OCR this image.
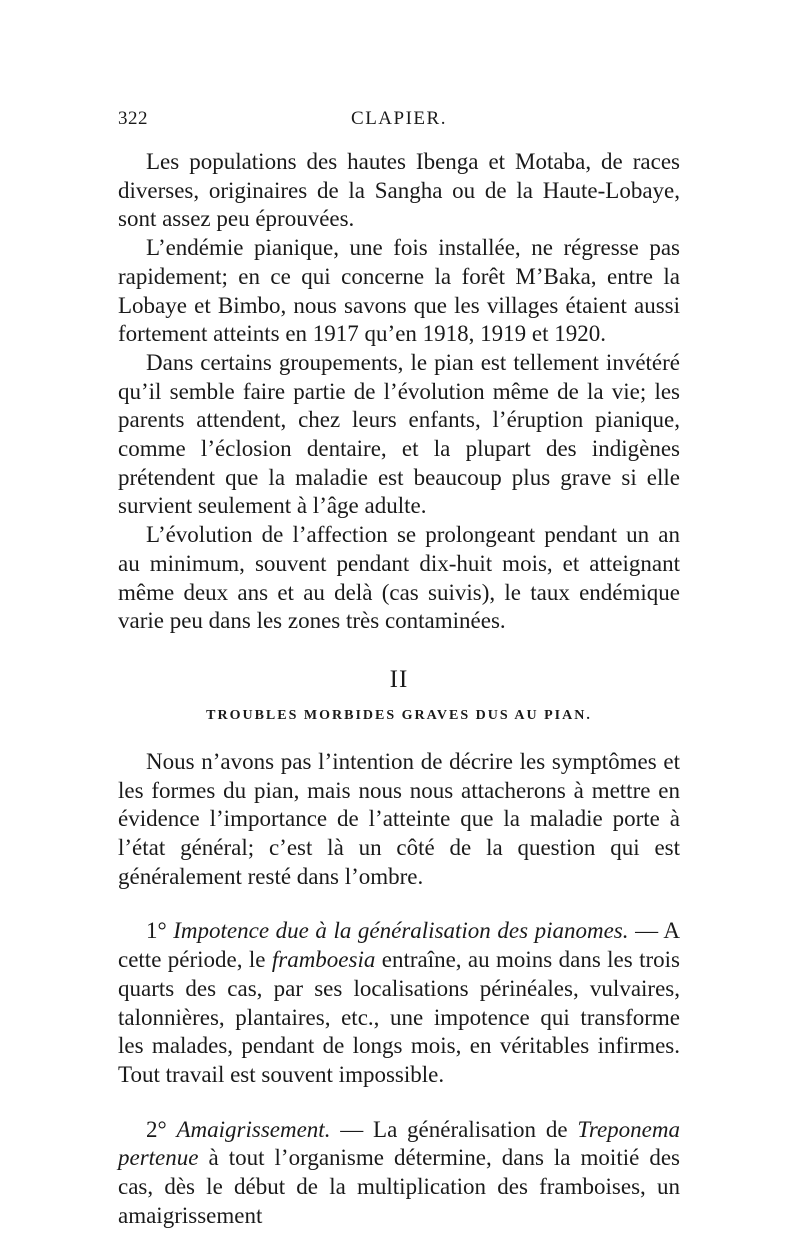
322	CLAPIER.

Les populations des hautes Ibenga et Motaba, de races diverses, originaires de la Sangha ou de la Haute-Lobaye, sont assez peu éprouvées.

L’endémie pianique, une fois installée, ne régresse pas rapidement; en ce qui concerne la forêt M’Baka, entre la Lobaye et Bimbo, nous savons que les villages étaient aussi fortement atteints en 1917 qu’en 1918, 1919 et 1920.

Dans certains groupements, le pian est tellement invétéré qu’il semble faire partie de l’évolution même de la vie; les parents attendent, chez leurs enfants, l’éruption pianique, comme l’éclosion dentaire, et la plupart des indigènes prétendent que la maladie est beaucoup plus grave si elle survient seulement à l’âge adulte.

L’évolution de l’affection se prolongeant pendant un an au minimum, souvent pendant dix-huit mois, et atteignant même deux ans et au delà (cas suivis), le taux endémique varie peu dans les zones très contaminées.

II
TROUBLES MORBIDES GRAVES DUS AU PIAN.

Nous n’avons pas l’intention de décrire les symptômes et les formes du pian, mais nous nous attacherons à mettre en évidence l’importance de l’atteinte que la maladie porte à l’état général; c’est là un côté de la question qui est généralement resté dans l’ombre.

1° Impotence due à la généralisation des pianomes. — A cette période, le framboesia entraîne, au moins dans les trois quarts des cas, par ses localisations périnéales, vulvaires, talonnières, plantaires, etc., une impotence qui transforme les malades, pendant de longs mois, en véritables infirmes. Tout travail est souvent impossible.

2° Amaigrissement. — La généralisation de Treponema pertenue à tout l’organisme détermine, dans la moitié des cas, dès le début de la multiplication des framboises, un amaigrissement
